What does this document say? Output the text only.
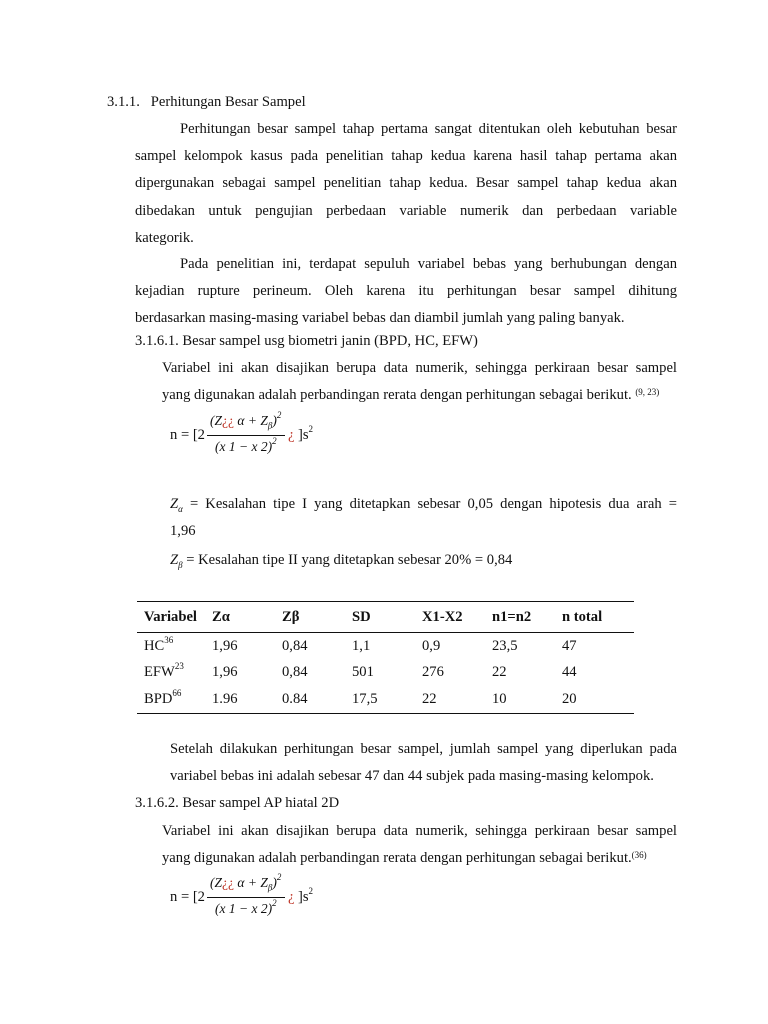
3.1.1. Perhitungan Besar Sampel
Perhitungan besar sampel tahap pertama sangat ditentukan oleh kebutuhan besar
sampel kelompok kasus pada penelitian tahap kedua karena hasil tahap pertama akan
dipergunakan sebagai sampel penelitian tahap kedua. Besar sampel tahap kedua akan
dibedakan untuk pengujian perbedaan variable numerik dan perbedaan variable
kategorik.
Pada penelitian ini, terdapat sepuluh variabel bebas yang berhubungan dengan
kejadian rupture perineum. Oleh karena itu perhitungan besar sampel dihitung
berdasarkan masing-masing variabel bebas dan diambil jumlah yang paling banyak.
3.1.6.1. Besar sampel usg biometri janin (BPD, HC, EFW)
Variabel ini akan disajikan berupa data numerik, sehingga perkiraan besar sampel
yang digunakan adalah perbandingan rerata dengan perhitungan sebagai berikut. $^{(9, 23)}$
n = [2
(Z¿¿ $\alpha + Z_\beta)^2$
(x 1 − x 2)$^2$ ¿ ]$s^2$
$Z_\alpha$ = Kesalahan tipe I yang ditetapkan sebesar 0,05 dengan hipotesis dua arah =
1,96
$Z_\beta$ = Kesalahan tipe II yang ditetapkan sebesar 20% = 0,84
Variabel	Zα	Zβ	SD	X1-X2	n1=n2	n total
HC$^{36}$	1,96	0,84	1,1	0,9	23,5	47
EFW$^{23}$	1,96	0,84	501	276	22	44
BPD$^{66}$	1.96	0.84	17,5	22	10	20
Setelah dilakukan perhitungan besar sampel, jumlah sampel yang diperlukan pada
variabel bebas ini adalah sebesar 47 dan 44 subjek pada masing-masing kelompok.
3.1.6.2. Besar sampel AP hiatal 2D
Variabel ini akan disajikan berupa data numerik, sehingga perkiraan besar sampel
yang digunakan adalah perbandingan rerata dengan perhitungan sebagai berikut.$^{(36)}$
n = [2
(Z¿¿ $\alpha + Z_\beta)^2$
(x 1 − x 2)$^2$ ¿ ]$s^2$
